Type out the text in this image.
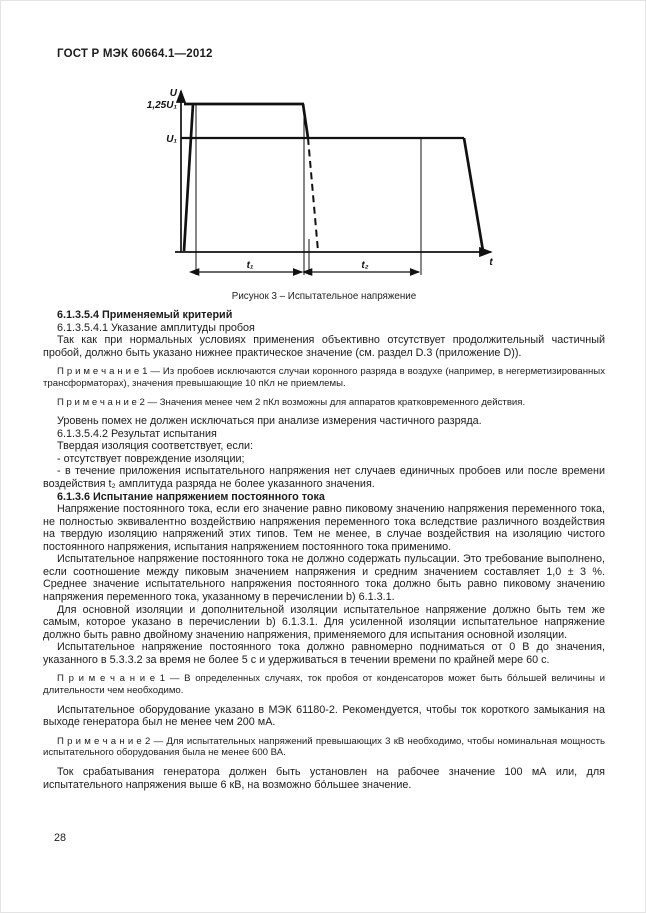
ГОСТ Р МЭК 60664.1—2012
U
1,25U₁
U₁
t
t₁	t₂
Рисунок 3 – Испытательное напряжение

6.1.3.5.4 Применяемый критерий

6.1.3.5.4.1 Указание амплитуды пробоя

Так как при нормальных условиях применения объективно отсутствует продолжительный частичный пробой, должно быть указано нижнее практическое значение (см. раздел D.3 (приложение D)).

П р и м е ч а н и е 1 — Из пробоев исключаются случаи коронного разряда в воздухе (например, в негерметизированных трансформаторах), значения превышающие 10 пКл не приемлемы.

П р и м е ч а н и е 2 — Значения менее чем 2 пКл возможны для аппаратов кратковременного действия.

Уровень помех не должен исключаться при анализе измерения частичного разряда.

6.1.3.5.4.2 Результат испытания

Твердая изоляция соответствует, если:

- отсутствует повреждение изоляции;

- в течение приложения испытательного напряжения нет случаев единичных пробоев или после времени воздействия t₂ амплитуда разряда не более указанного значения.

6.1.3.6 Испытание напряжением постоянного тока

Напряжение постоянного тока, если его значение равно пиковому значению напряжения переменного тока, не полностью эквивалентно воздействию напряжения переменного тока вследствие различного воздействия на твердую изоляцию напряжений этих типов. Тем не менее, в случае воздействия на изоляцию чистого постоянного напряжения, испытания напряжением постоянного тока применимо.

Испытательное напряжение постоянного тока не должно содержать пульсации. Это требование выполнено, если соотношение между пиковым значением напряжения и средним значением составляет 1,0 ± 3 %. Среднее значение испытательного напряжения постоянного тока должно быть равно пиковому значению напряжения переменного тока, указанному в перечислении b) 6.1.3.1.

Для основной изоляции и дополнительной изоляции испытательное напряжение должно быть тем же самым, которое указано в перечислении b) 6.1.3.1. Для усиленной изоляции испытательное напряжение должно быть равно двойному значению напряжения, применяемого для испытания основной изоляции.

Испытательное напряжение постоянного тока должно равномерно подниматься от 0 В до значения, указанного в 5.3.3.2 за время не более 5 с и удерживаться в течении времени по крайней мере 60 с.

П р и м е ч а н и е 1 — В определенных случаях, ток пробоя от конденсаторов может быть бо́льшей величины и длительности чем необходимо.

Испытательное оборудование указано в МЭК 61180-2. Рекомендуется, чтобы ток короткого замыкания на выходе генератора был не менее чем 200 мА.

П р и м е ч а н и е 2 — Для испытательных напряжений превышающих 3 кВ необходимо, чтобы номинальная мощность испытательного оборудования была не менее 600 ВА.

Ток срабатывания генератора должен быть установлен на рабочее значение 100 мА или, для испытательного напряжения выше 6 кВ, на возможно бо́льшее значение.

28
